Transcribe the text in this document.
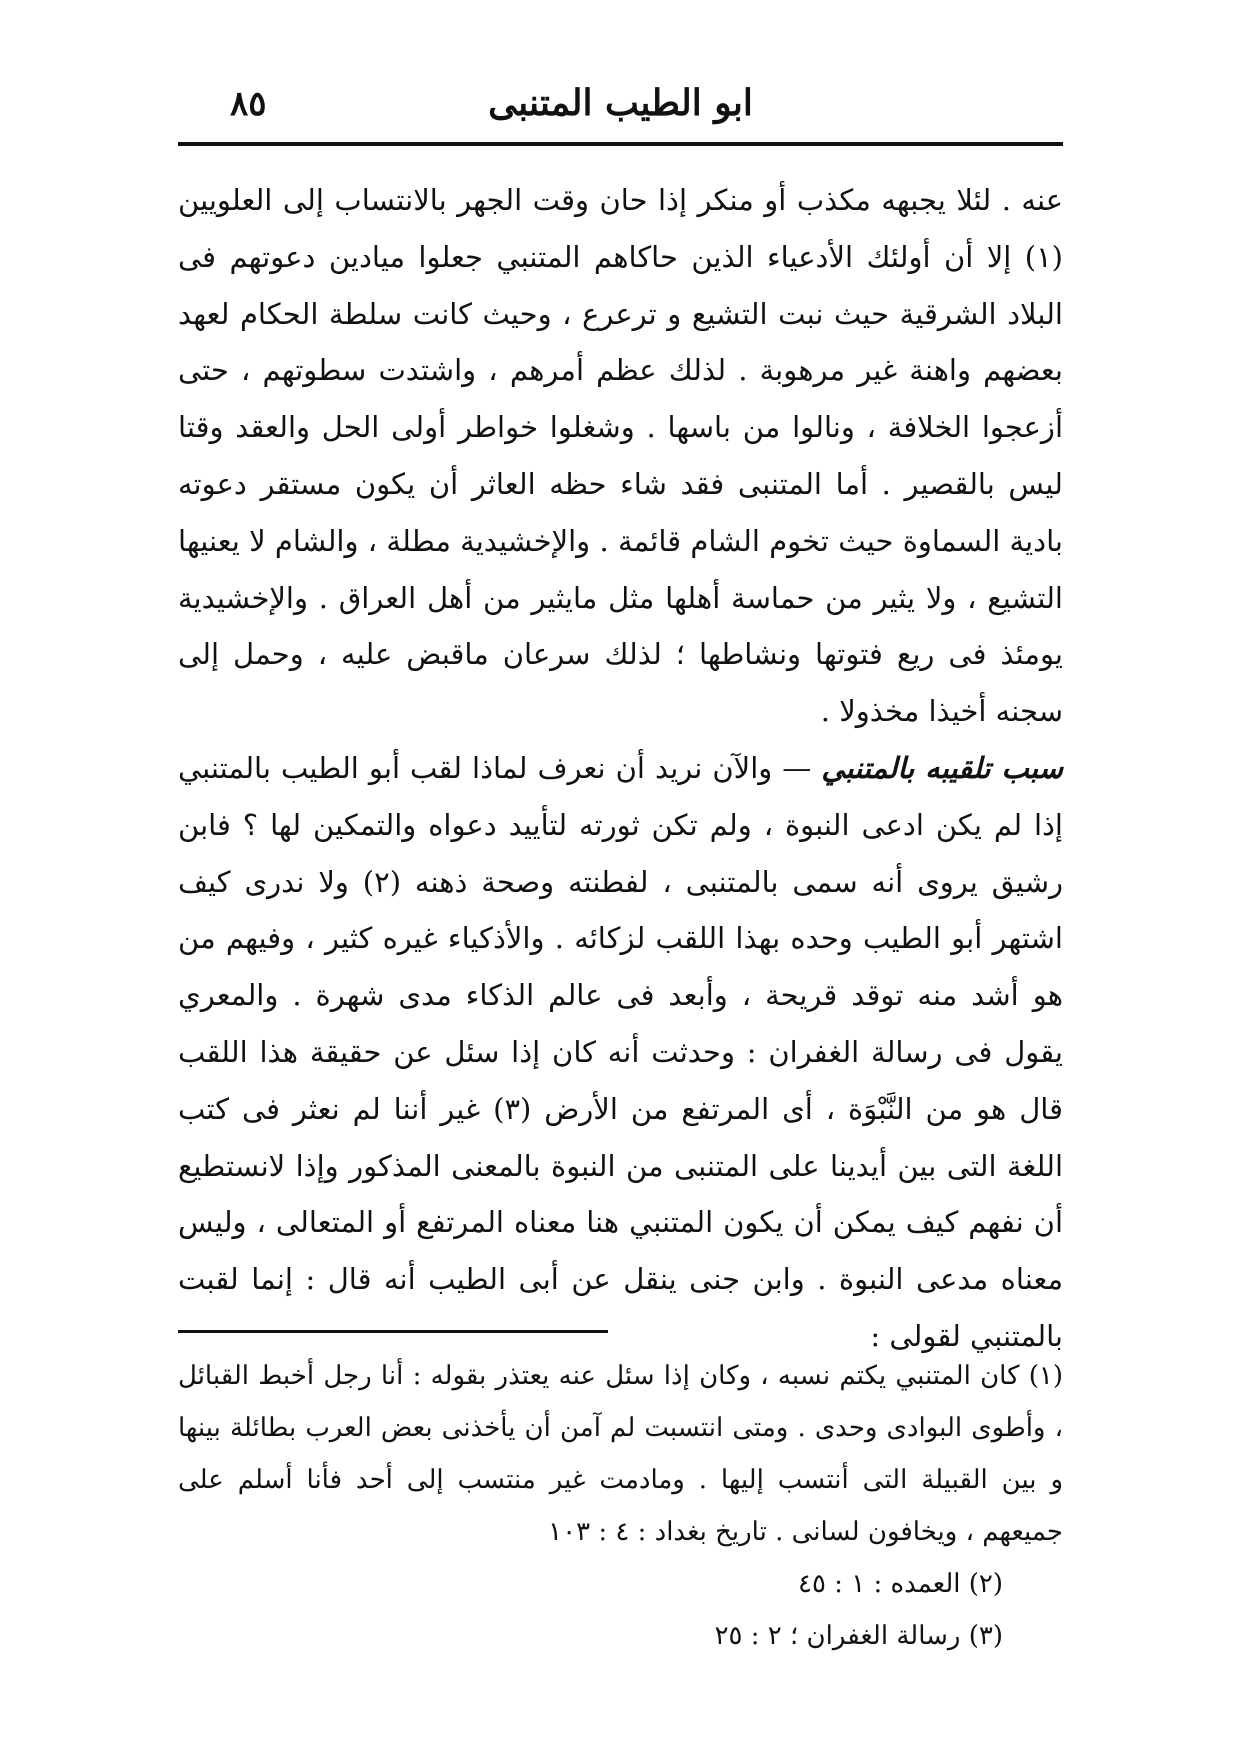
ابو الطيب المتنبى
٨٥

عنه . لئلا يجبهه مكذب أو منكر إذا حان وقت الجهر بالانتساب إلى العلويين (١) إلا أن أولئك الأدعياء الذين حاكاهم المتنبي جعلوا ميادين دعوتهم فى البلاد الشرقية حيث نبت التشيع و ترعرع ، وحيث كانت سلطة الحكام لعهد بعضهم واهنة غير مرهوبة . لذلك عظم أمرهم ، واشتدت سطوتهم ، حتى أزعجوا الخلافة ، ونالوا من باسها . وشغلوا خواطر أولى الحل والعقد وقتا ليس بالقصير . أما المتنبى فقد شاء حظه العاثر أن يكون مستقر دعوته بادية السماوة حيث تخوم الشام قائمة . والإخشيدية مطلة ، والشام لا يعنيها التشيع ، ولا يثير من حماسة أهلها مثل مايثير من أهل العراق . والإخشيدية يومئذ فى ريع فتوتها ونشاطها ؛ لذلك سرعان ماقبض عليه ، وحمل إلى سجنه أخيذا مخذولا .

سبب تلقيبه بالمتنبي — والآن نريد أن نعرف لماذا لقب أبو الطيب بالمتنبي إذا لم يكن ادعى النبوة ، ولم تكن ثورته لتأييد دعواه والتمكين لها ؟ فابن رشيق يروى أنه سمى بالمتنبى ، لفطنته وصحة ذهنه (٢) ولا ندرى كيف اشتهر أبو الطيب وحده بهذا اللقب لزكائه . والأذكياء غيره كثير ، وفيهم من هو أشد منه توقد قريحة ، وأبعد فى عالم الذكاء مدى شهرة . والمعري يقول فى رسالة الغفران : وحدثت أنه كان إذا سئل عن حقيقة هذا اللقب قال هو من النَّبْوَة ، أى المرتفع من الأرض (٣) غير أننا لم نعثر فى كتب اللغة التى بين أيدينا على المتنبى من النبوة بالمعنى المذكور وإذا لانستطيع أن نفهم كيف يمكن أن يكون المتنبي هنا معناه المرتفع أو المتعالى ، وليس معناه مدعى النبوة . وابن جنى ينقل عن أبى الطيب أنه قال : إنما لقبت بالمتنبي لقولى :

(١) كان المتنبي يكتم نسبه ، وكان إذا سئل عنه يعتذر بقوله : أنا رجل أخبط القبائل ، وأطوى البوادى وحدى . ومتى انتسبت لم آمن أن يأخذنى بعض العرب بطائلة بينها و بين القبيلة التى أنتسب إليها . ومادمت غير منتسب إلى أحد فأنا أسلم على جميعهم ، ويخافون لسانى . تاريخ بغداد : ٤ : ١٠٣

(٢) العمده : ١ : ٤٥

(٣) رسالة الغفران ؛ ٢ : ٢٥
